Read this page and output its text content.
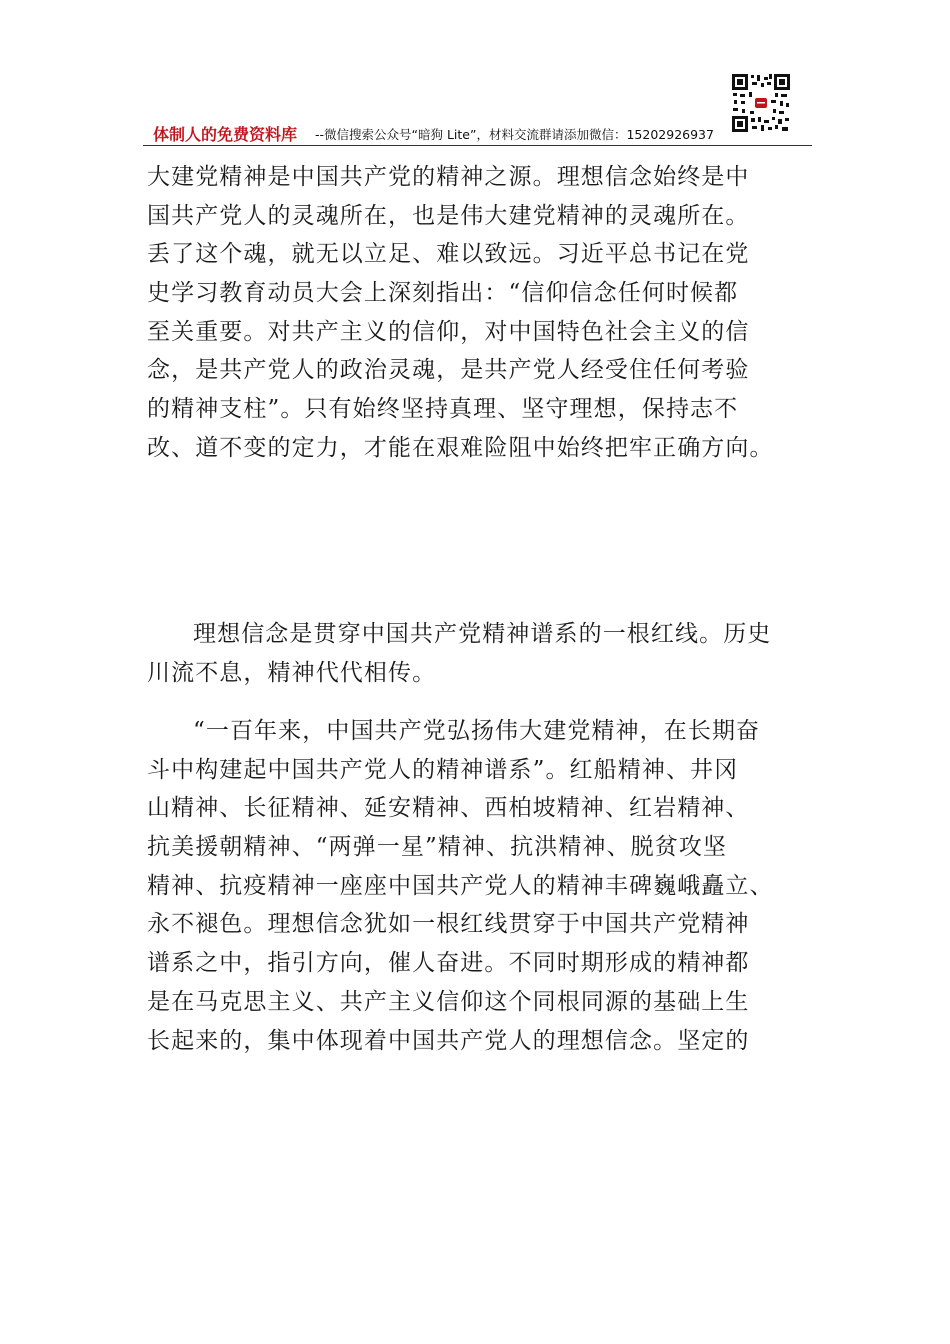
体制人的免费资料库 --微信搜索公众号“暗狗 Lite”，材料交流群请添加微信：15202926937
大建党精神是中国共产党的精神之源。理想信念始终是中
国共产党人的灵魂所在，也是伟大建党精神的灵魂所在。
丢了这个魂，就无以立足、难以致远。习近平总书记在党
史学习教育动员大会上深刻指出：“信仰信念任何时候都
至关重要。对共产主义的信仰，对中国特色社会主义的信
念，是共产党人的政治灵魂，是共产党人经受住任何考验
的精神支柱”。只有始终坚持真理、坚守理想，保持志不
改、道不变的定力，才能在艰难险阻中始终把牢正确方向。
理想信念是贯穿中国共产党精神谱系的一根红线。历史
川流不息，精神代代相传。
“一百年来，中国共产党弘扬伟大建党精神，在长期奋
斗中构建起中国共产党人的精神谱系”。红船精神、井冈
山精神、长征精神、延安精神、西柏坡精神、红岩精神、
抗美援朝精神、“两弹一星”精神、抗洪精神、脱贫攻坚
精神、抗疫精神一座座中国共产党人的精神丰碑巍峨矗立、
永不褪色。理想信念犹如一根红线贯穿于中国共产党精神
谱系之中，指引方向，催人奋进。不同时期形成的精神都
是在马克思主义、共产主义信仰这个同根同源的基础上生
长起来的，集中体现着中国共产党人的理想信念。坚定的
